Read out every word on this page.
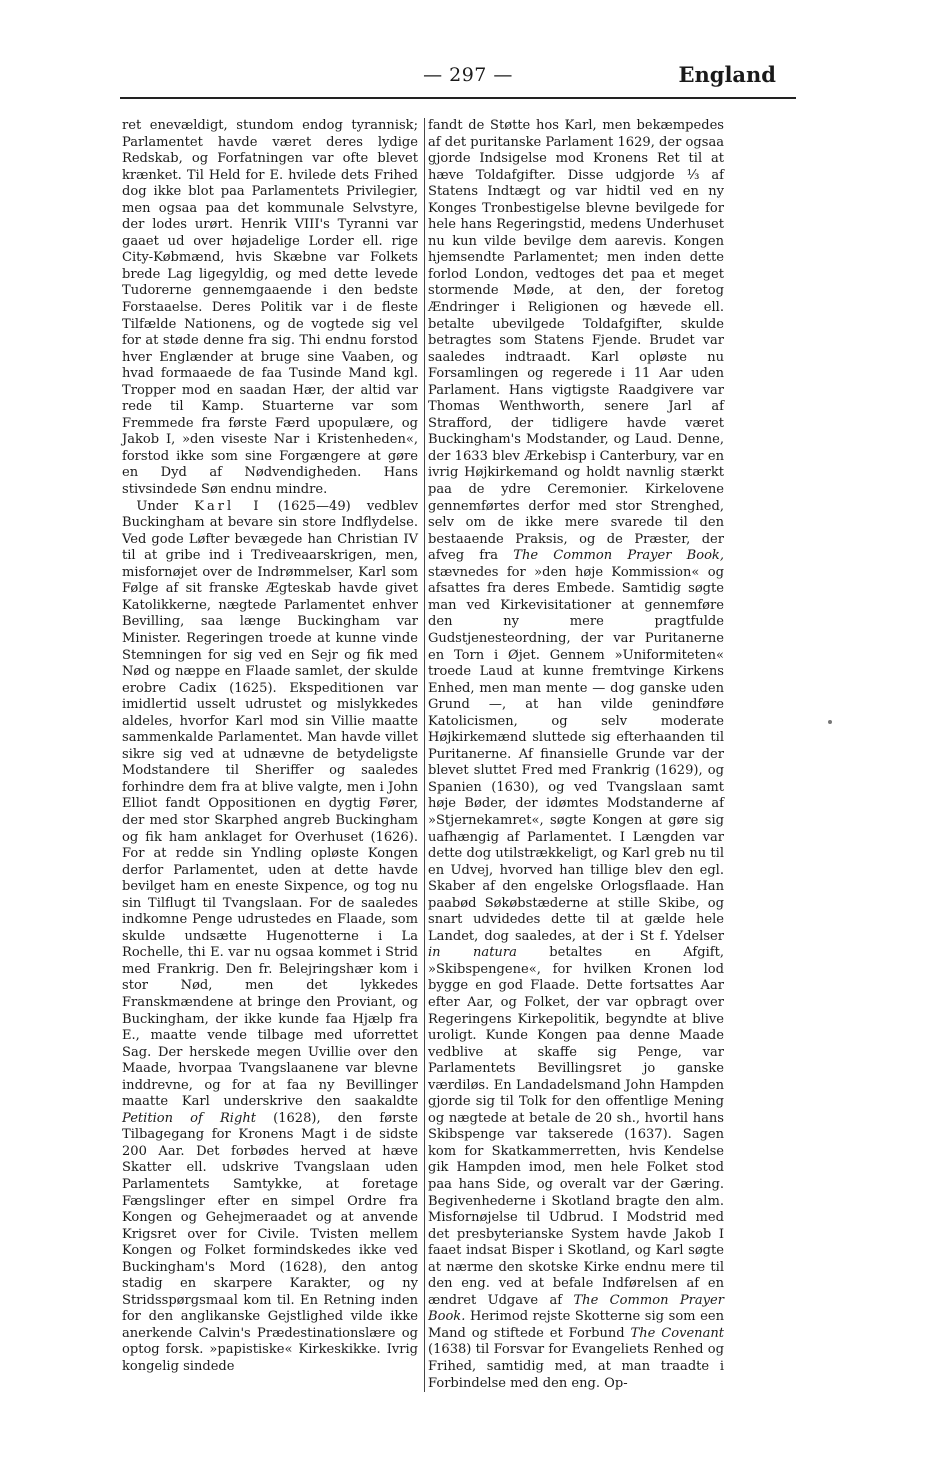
— 297 —	England

ret enevældigt, stundom endog tyrannisk; Parlamentet havde været deres lydige Redskab, og Forfatningen var ofte blevet krænket. Til Held for E. hvilede dets Frihed dog ikke blot paa Parlamentets Privilegier, men ogsaa paa det kommunale Selvstyre, der lodes urørt. Henrik VIII's Tyranni var gaaet ud over højadelige Lorder ell. rige City-Købmænd, hvis Skæbne var Folkets brede Lag ligegyldig, og med dette levede Tudorerne gennemgaaende i den bedste Forstaaelse. Deres Politik var i de fleste Tilfælde Nationens, og de vogtede sig vel for at støde denne fra sig. Thi endnu forstod hver Englænder at bruge sine Vaaben, og hvad formaaede de faa Tusinde Mand kgl. Tropper mod en saadan Hær, der altid var rede til Kamp. Stuarterne var som Fremmede fra første Færd upopulære, og Jakob I, »den viseste Nar i Kristenheden«, forstod ikke som sine Forgængere at gøre en Dyd af Nødvendigheden. Hans stivsindede Søn endnu mindre.

Under Karl I (1625—49) vedblev Buckingham at bevare sin store Indflydelse. Ved gode Løfter bevægede han Christian IV til at gribe ind i Trediveaarskrigen, men, misfornøjet over de Indrømmelser, Karl som Følge af sit franske Ægteskab havde givet Katolikkerne, nægtede Parlamentet enhver Bevilling, saa længe Buckingham var Minister. Regeringen troede at kunne vinde Stemningen for sig ved en Sejr og fik med Nød og næppe en Flaade samlet, der skulde erobre Cadix (1625). Ekspeditionen var imidlertid usselt udrustet og mislykkedes aldeles, hvorfor Karl mod sin Villie maatte sammenkalde Parlamentet. Man havde villet sikre sig ved at udnævne de betydeligste Modstandere til Sheriffer og saaledes forhindre dem fra at blive valgte, men i John Elliot fandt Oppositionen en dygtig Fører, der med stor Skarphed angreb Buckingham og fik ham anklaget for Overhuset (1626). For at redde sin Yndling opløste Kongen derfor Parlamentet, uden at dette havde bevilget ham en eneste Sixpence, og tog nu sin Tilflugt til Tvangslaan. For de saaledes indkomne Penge udrustedes en Flaade, som skulde undsætte Hugenotterne i La Rochelle, thi E. var nu ogsaa kommet i Strid med Frankrig. Den fr. Belejringshær kom i stor Nød, men det lykkedes Franskmændene at bringe den Proviant, og Buckingham, der ikke kunde faa Hjælp fra E., maatte vende tilbage med uforrettet Sag. Der herskede megen Uvillie over den Maade, hvorpaa Tvangslaanene var blevne inddrevne, og for at faa ny Bevillinger maatte Karl underskrive den saakaldte Petition of Right (1628), den første Tilbagegang for Kronens Magt i de sidste 200 Aar. Det forbødes herved at hæve Skatter ell. udskrive Tvangslaan uden Parlamentets Samtykke, at foretage Fængslinger efter en simpel Ordre fra Kongen og Gehejmeraadet og at anvende Krigsret over for Civile. Tvisten mellem Kongen og Folket formindskedes ikke ved Buckingham's Mord (1628), den antog stadig en skarpere Karakter, og ny Stridsspørgsmaal kom til. En Retning inden for den anglikanske Gejstlighed vilde ikke anerkende Calvin's Prædestinationslære og optog forsk. »papistiske« Kirkeskikke. Ivrig kongelig sindede

fandt de Støtte hos Karl, men bekæmpedes af det puritanske Parlament 1629, der ogsaa gjorde Indsigelse mod Kronens Ret til at hæve Toldafgifter. Disse udgjorde ⅓ af Statens Indtægt og var hidtil ved en ny Konges Tronbestigelse blevne bevilgede for hele hans Regeringstid, medens Underhuset nu kun vilde bevilge dem aarevis. Kongen hjemsendte Parlamentet; men inden dette forlod London, vedtoges det paa et meget stormende Møde, at den, der foretog Ændringer i Religionen og hævede ell. betalte ubevilgede Toldafgifter, skulde betragtes som Statens Fjende. Brudet var saaledes indtraadt. Karl opløste nu Forsamlingen og regerede i 11 Aar uden Parlament. Hans vigtigste Raadgivere var Thomas Wenthworth, senere Jarl af Strafford, der tidligere havde været Buckingham's Modstander, og Laud. Denne, der 1633 blev Ærkebisp i Canterbury, var en ivrig Højkirkemand og holdt navnlig stærkt paa de ydre Ceremonier. Kirkelovene gennemførtes derfor med stor Strenghed, selv om de ikke mere svarede til den bestaaende Praksis, og de Præster, der afveg fra The Common Prayer Book, stævnedes for »den høje Kommission« og afsattes fra deres Embede. Samtidig søgte man ved Kirkevisitationer at gennemføre den ny mere pragtfulde Gudstjenesteordning, der var Puritanerne en Torn i Øjet. Gennem »Uniformiteten« troede Laud at kunne fremtvinge Kirkens Enhed, men man mente — dog ganske uden Grund —, at han vilde genindføre Katolicismen, og selv moderate Højkirkemænd sluttede sig efterhaanden til Puritanerne. Af finansielle Grunde var der blevet sluttet Fred med Frankrig (1629), og Spanien (1630), og ved Tvangslaan samt høje Bøder, der idømtes Modstanderne af »Stjernekamret«, søgte Kongen at gøre sig uafhængig af Parlamentet. I Længden var dette dog utilstrækkeligt, og Karl greb nu til en Udvej, hvorved han tillige blev den egl. Skaber af den engelske Orlogsflaade. Han paabød Søkøbstæderne at stille Skibe, og snart udvidedes dette til at gælde hele Landet, dog saaledes, at der i St f. Ydelser in natura betaltes en Afgift, »Skibspengene«, for hvilken Kronen lod bygge en god Flaade. Dette fortsattes Aar efter Aar, og Folket, der var opbragt over Regeringens Kirkepolitik, begyndte at blive uroligt. Kunde Kongen paa denne Maade vedblive at skaffe sig Penge, var Parlamentets Bevillingsret jo ganske værdiløs. En Landadelsmand John Hampden gjorde sig til Tolk for den offentlige Mening og nægtede at betale de 20 sh., hvortil hans Skibspenge var takserede (1637). Sagen kom for Skatkammerretten, hvis Kendelse gik Hampden imod, men hele Folket stod paa hans Side, og overalt var der Gæring. Begivenhederne i Skotland bragte den alm. Misfornøjelse til Udbrud. I Modstrid med det presbyterianske System havde Jakob I faaet indsat Bisper i Skotland, og Karl søgte at nærme den skotske Kirke endnu mere til den eng. ved at befale Indførelsen af en ændret Udgave af The Common Prayer Book. Herimod rejste Skotterne sig som een Mand og stiftede et Forbund The Covenant (1638) til Forsvar for Evangeliets Renhed og Frihed, samtidig med, at man traadte i Forbindelse med den eng. Op-
